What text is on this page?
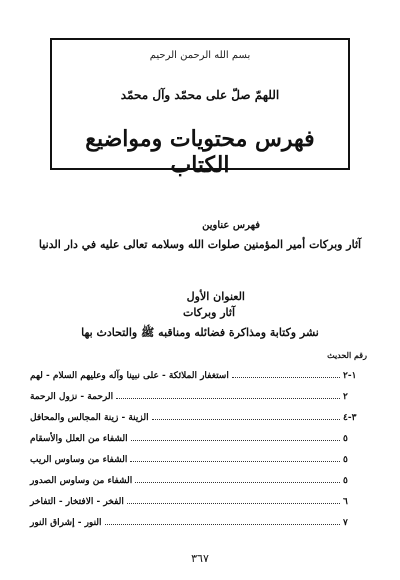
بسم الله الرحمن الرحيم
اللهمّ صلّ على محمّد وآل محمّد
فهرس محتويات ومواضيع الكتاب
فهرس عناوين
آثار وبركات أمير المؤمنين صلوات الله وسلامه تعالى عليه في دار الدنيا
العنوان الأول
آثار وبركات
نشر وكتابة ومذاكرة فضائله ومناقبه ﷺ والتحادث بها
رقم الحديث
استغفار الملائكة - على نبينا وآله وعليهم السلام - لهم	١-٢
الرحمة - نزول الرحمة	٢
الزينة - زينة المجالس والمحافل	٣-٤
الشفاء من العلل والأسقام	٥
الشفاء من وساوس الريب	٥
الشفاء من وساوس الصدور	٥
الفخر - الافتخار - التفاخر	٦
النور - إشراق النور	٧
٣٦٧
